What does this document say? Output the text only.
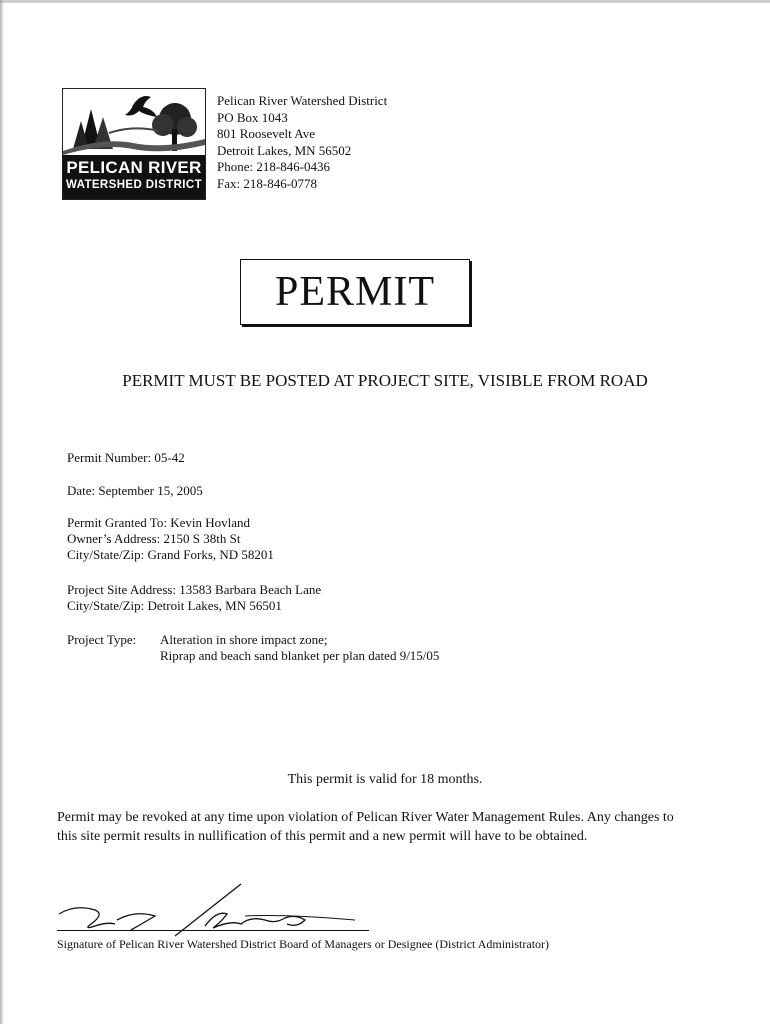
PELICAN RIVER
WATERSHED DISTRICT
Pelican River Watershed District
PO Box 1043
801 Roosevelt Ave
Detroit Lakes, MN 56502
Phone: 218-846-0436
Fax: 218-846-0778
PERMIT
PERMIT MUST BE POSTED AT PROJECT SITE, VISIBLE FROM ROAD
Permit Number: 05-42
Date: September 15, 2005
Permit Granted To: Kevin Hovland
Owner’s Address: 2150 S 38th St
City/State/Zip: Grand Forks, ND 58201
Project Site Address: 13583 Barbara Beach Lane
City/State/Zip: Detroit Lakes, MN 56501
Project Type: Alteration in shore impact zone;
Riprap and beach sand blanket per plan dated 9/15/05
This permit is valid for 18 months.
Permit may be revoked at any time upon violation of Pelican River Water Management Rules. Any changes to this site permit results in nullification of this permit and a new permit will have to be obtained.
Signature of Pelican River Watershed District Board of Managers or Designee (District Administrator)
